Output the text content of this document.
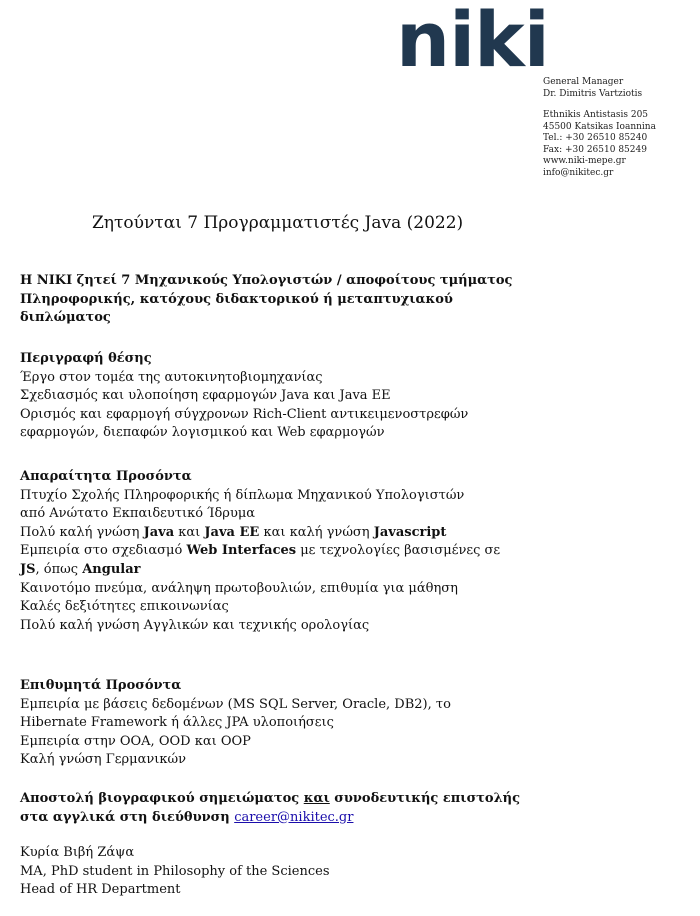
niki
General Manager
Dr. Dimitris Vartziotis
Ethnikis Antistasis 205
45500 Katsikas Ioannina
Tel.: +30 26510 85240
Fax: +30 26510 85249
www.niki-mepe.gr
info@nikitec.gr
Ζητούνται 7 Προγραμματιστές Java (2022)
Η NIKI ζητεί 7 Μηχανικούς Υπολογιστών / αποφοίτους τμήματος
Πληροφορικής, κατόχους διδακτορικού ή μεταπτυχιακού
διπλώματος
Περιγραφή θέσης
Έργο στον τομέα της αυτοκινητοβιομηχανίας
Σχεδιασμός και υλοποίηση εφαρμογών Java και Java EE
Ορισμός και εφαρμογή σύγχρονων Rich-Client αντικειμενοστρεφών
εφαρμογών, διεπαφών λογισμικού και Web εφαρμογών
Απαραίτητα Προσόντα
Πτυχίο Σχολής Πληροφορικής ή δίπλωμα Μηχανικού Υπολογιστών
από Ανώτατο Εκπαιδευτικό Ίδρυμα
Πολύ καλή γνώση Java και Java EE και καλή γνώση Javascript
Εμπειρία στο σχεδιασμό Web Interfaces με τεχνολογίες βασισμένες σε
JS, όπως Angular
Καινοτόμο πνεύμα, ανάληψη πρωτοβουλιών, επιθυμία για μάθηση
Καλές δεξιότητες επικοινωνίας
Πολύ καλή γνώση Αγγλικών και τεχνικής ορολογίας
Επιθυμητά Προσόντα
Εμπειρία με βάσεις δεδομένων (MS SQL Server, Oracle, DB2), το
Hibernate Framework ή άλλες JPA υλοποιήσεις
Εμπειρία στην OOA, OOD και OOP
Καλή γνώση Γερμανικών
Αποστολή βιογραφικού σημειώματος και συνοδευτικής επιστολής
στα αγγλικά στη διεύθυνση career@nikitec.gr
Κυρία Βιβή Ζάψα
MA, PhD student in Philosophy of the Sciences
Head of HR Department
